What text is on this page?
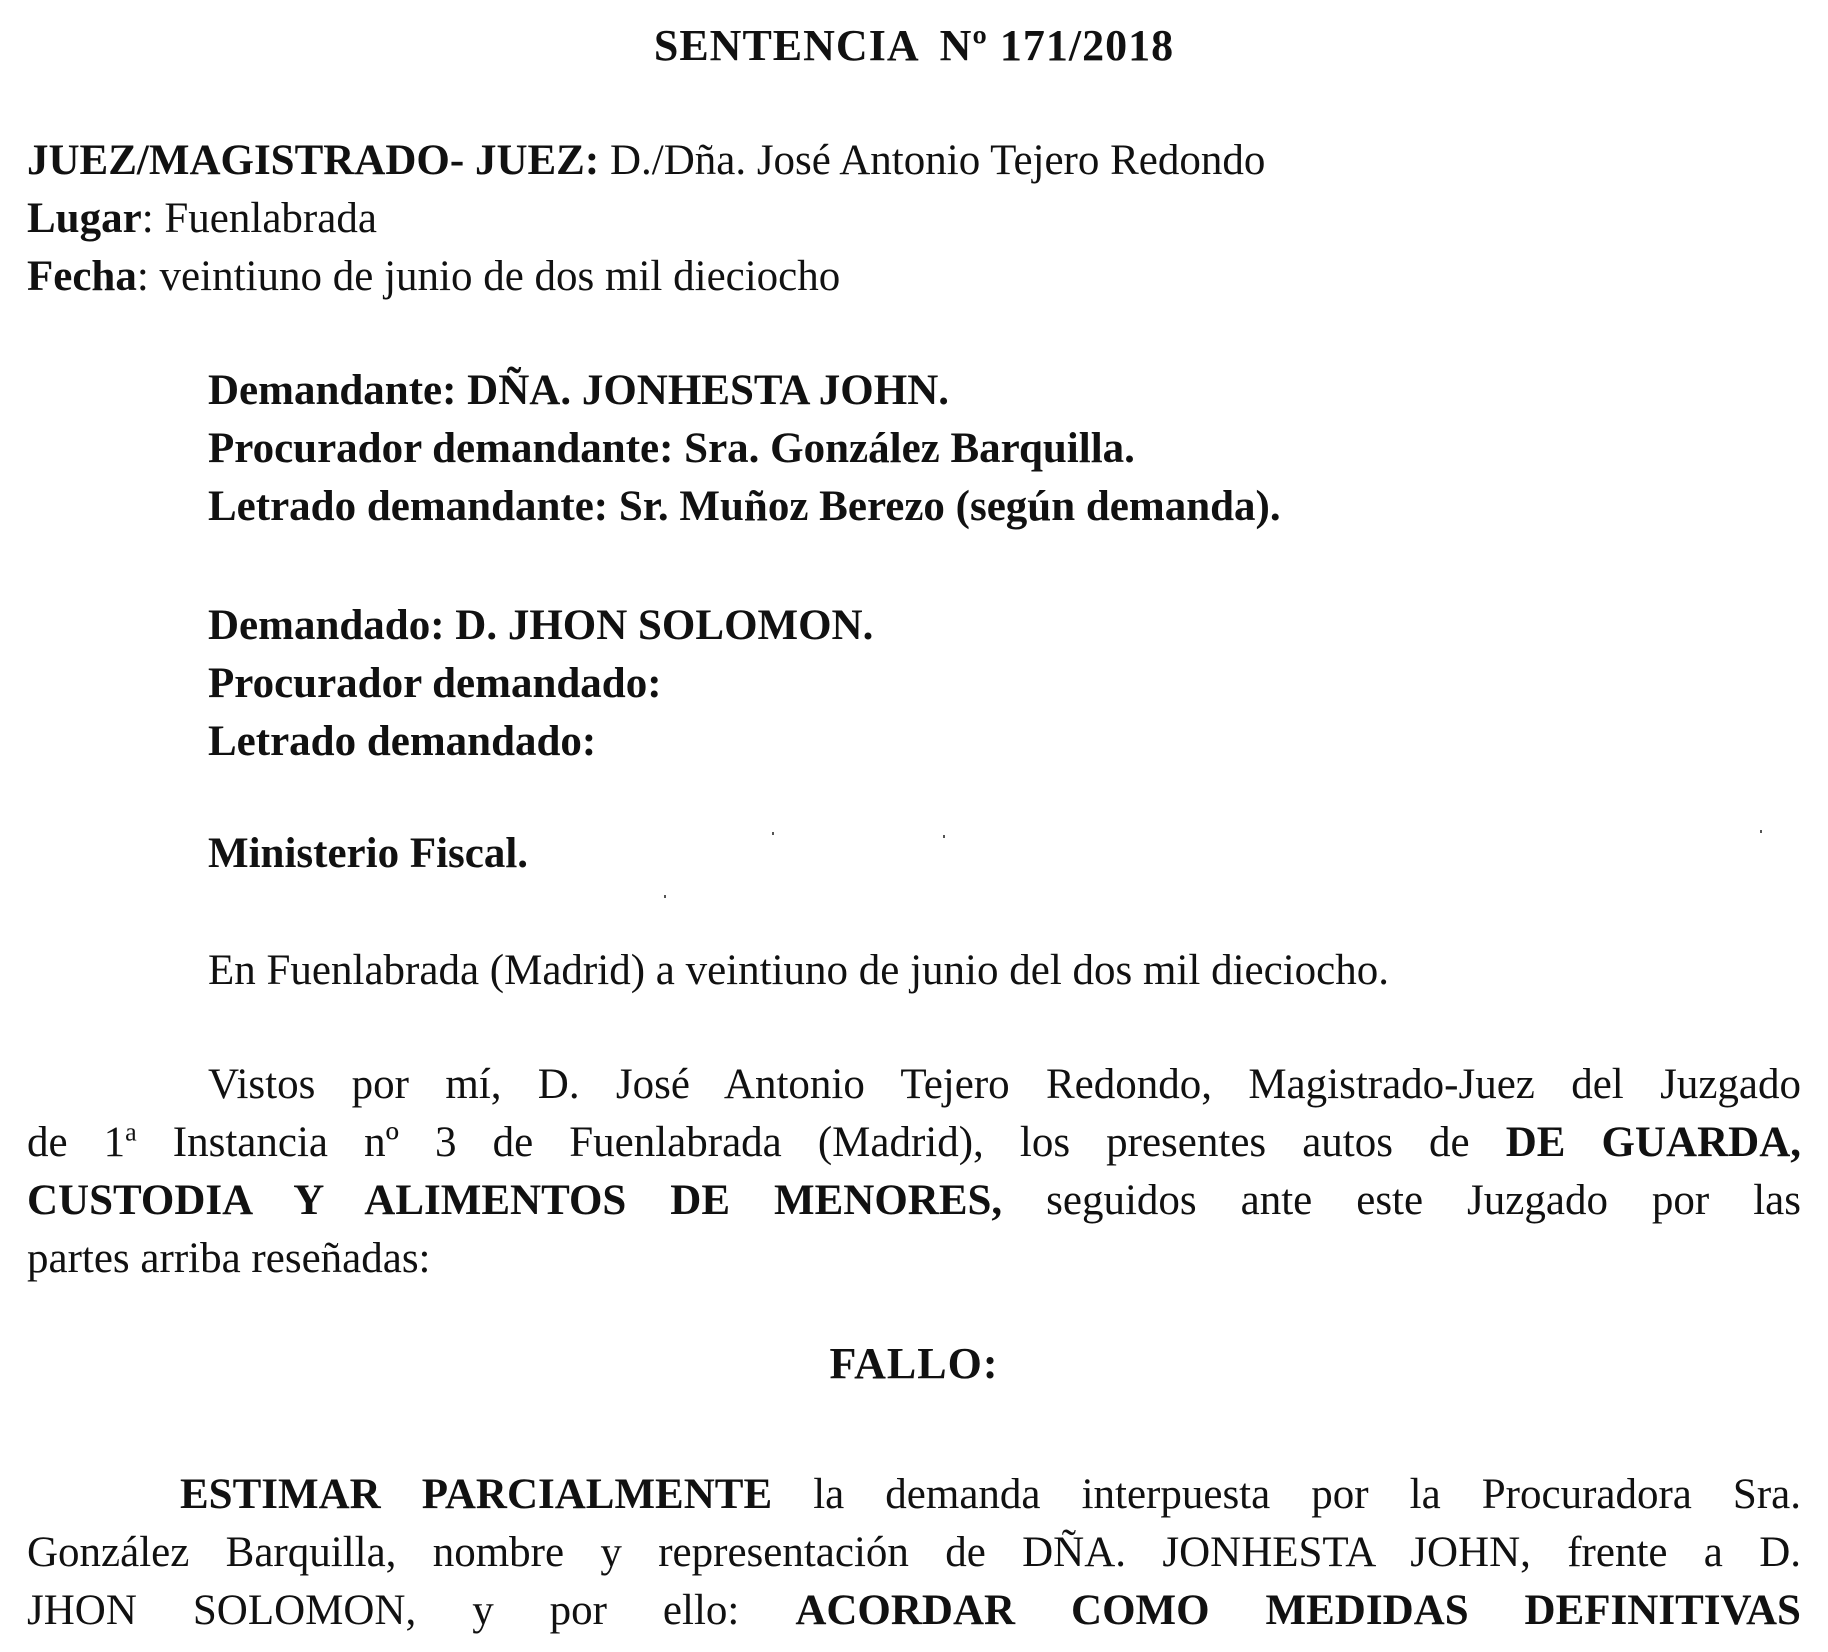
SENTENCIA Nº 171/2018
JUEZ/MAGISTRADO- JUEZ: D./Dña. José Antonio Tejero Redondo
Lugar: Fuenlabrada
Fecha: veintiuno de junio de dos mil dieciocho
Demandante: DÑA. JONHESTA JOHN.
Procurador demandante: Sra. González Barquilla.
Letrado demandante: Sr. Muñoz Berezo (según demanda).
Demandado: D. JHON SOLOMON.
Procurador demandado:
Letrado demandado:
Ministerio Fiscal.
En Fuenlabrada (Madrid) a veintiuno de junio del dos mil dieciocho.
Vistos por mí, D. José Antonio Tejero Redondo, Magistrado-Juez del Juzgado
de 1$^a$ Instancia nº 3 de Fuenlabrada (Madrid), los presentes autos de DE GUARDA,
CUSTODIA Y ALIMENTOS DE MENORES, seguidos ante este Juzgado por las
partes arriba reseñadas:
FALLO:
ESTIMAR PARCIALMENTE la demanda interpuesta por la Procuradora Sra.
González Barquilla, nombre y representación de DÑA. JONHESTA JOHN, frente a D.
JHON SOLOMON, y por ello: ACORDAR COMO MEDIDAS DEFINITIVAS
